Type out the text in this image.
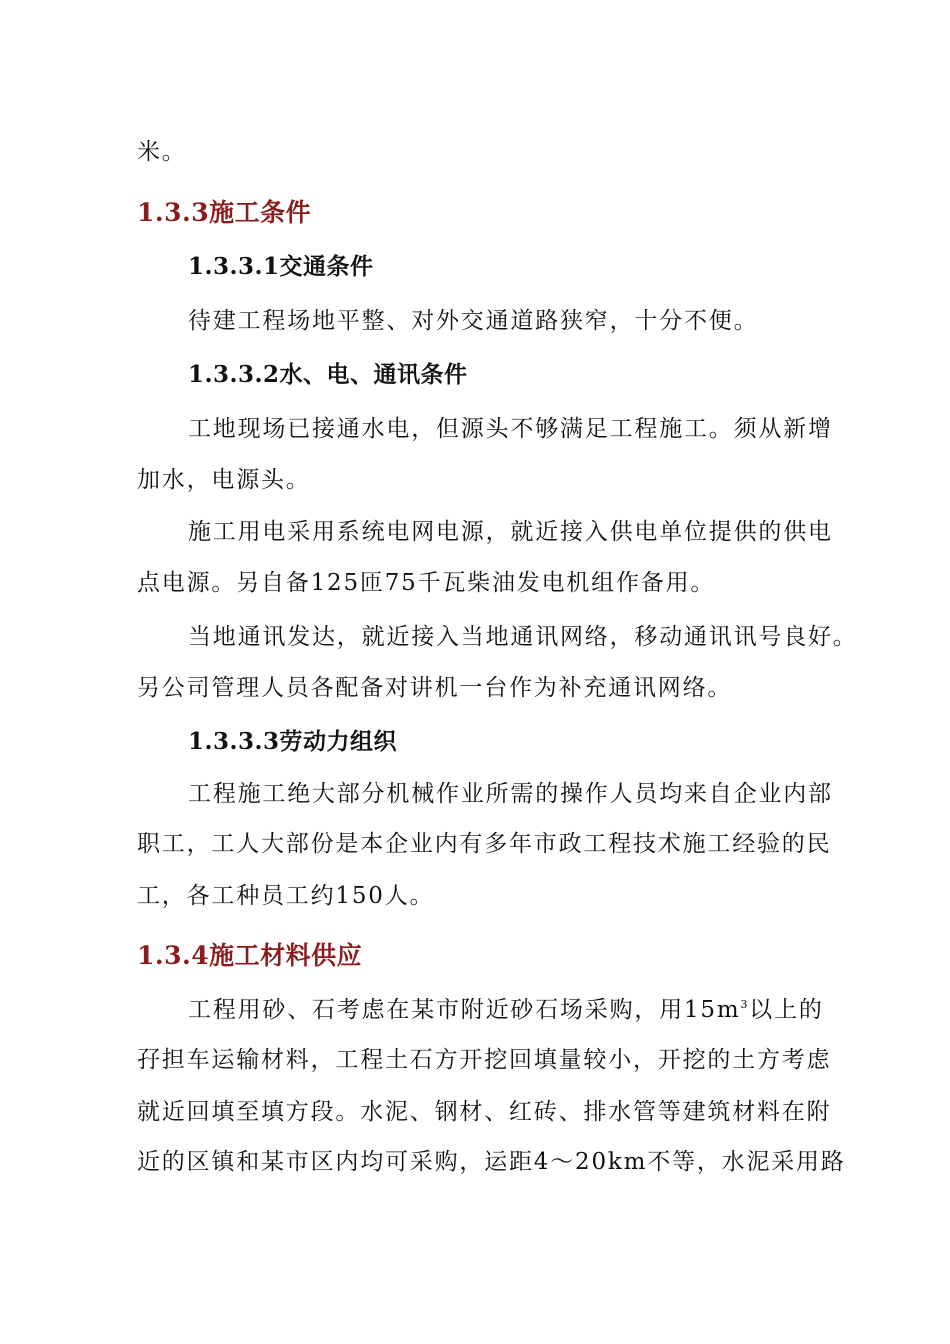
米。
1.3.3施工条件
1.3.3.1交通条件
待建工程场地平整、对外交通道路狭窄，十分不便。
1.3.3.2水、电、通讯条件
工地现场已接通水电，但源头不够满足工程施工。须从新增
加水，电源头。
施工用电采用系统电网电源，就近接入供电单位提供的供电
点电源。另自备125匝75千瓦柴油发电机组作备用。
当地通讯发达，就近接入当地通讯网络，移动通讯讯号良好。
另公司管理人员各配备对讲机一台作为补充通讯网络。
1.3.3.3劳动力组织
工程施工绝大部分机械作业所需的操作人员均来自企业内部
职工，工人大部份是本企业内有多年市政工程技术施工经验的民
工，各工种员工约150人。
1.3.4施工材料供应
工程用砂、石考虑在某市附近砂石场采购，用$15m^3$以上的
孖担车运输材料，工程土石方开挖回填量较小，开挖的土方考虑
就近回填至填方段。水泥、钢材、红砖、排水管等建筑材料在附
近的区镇和某市区内均可采购，运距4～20km不等，水泥采用路
